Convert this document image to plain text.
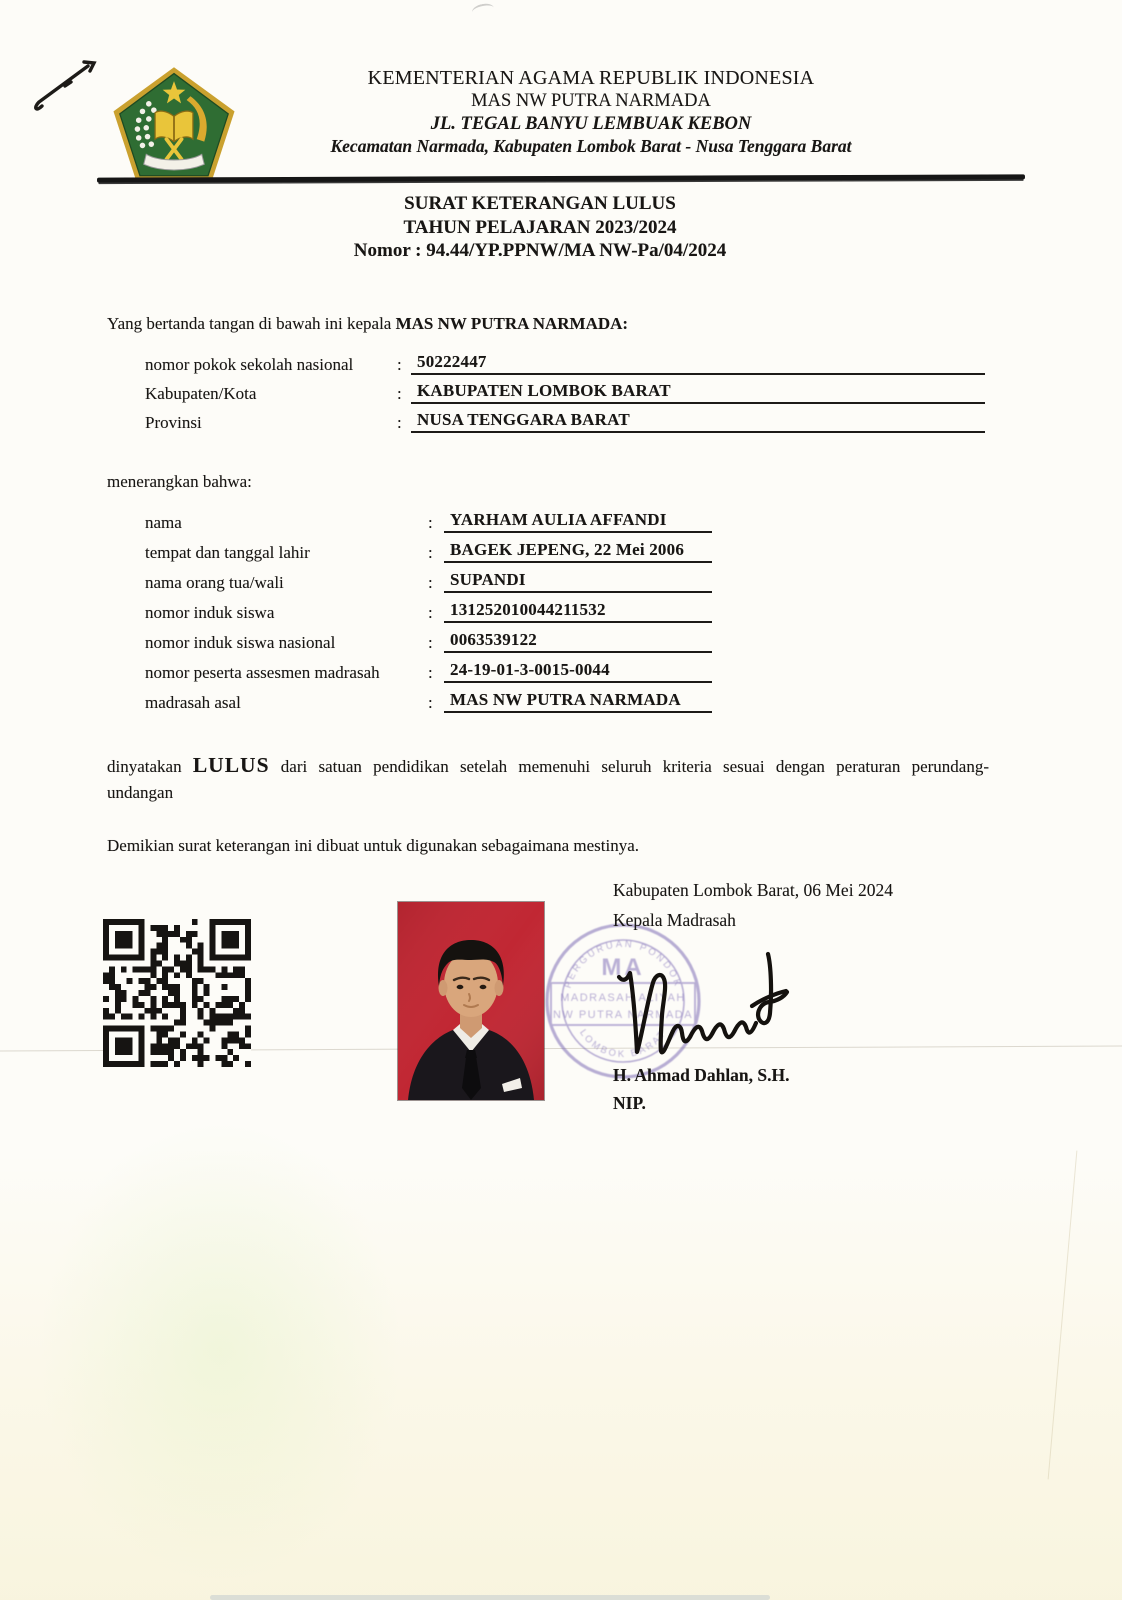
KEMENTERIAN AGAMA REPUBLIK INDONESIA
MAS NW PUTRA NARMADA
JL. TEGAL BANYU LEMBUAK KEBON
Kecamatan Narmada, Kabupaten Lombok Barat - Nusa Tenggara Barat
SURAT KETERANGAN LULUS
TAHUN PELAJARAN 2023/2024
Nomor : 94.44/YP.PPNW/MA NW-Pa/04/2024
Yang bertanda tangan di bawah ini kepala MAS NW PUTRA NARMADA:
nomor pokok sekolah nasional	: 50222447
Kabupaten/Kota	: KABUPATEN LOMBOK BARAT
Provinsi	: NUSA TENGGARA BARAT
menerangkan bahwa:
nama	:	YARHAM AULIA AFFANDI
tempat dan tanggal lahir	:	BAGEK JEPENG, 22 Mei 2006
nama orang tua/wali	:	SUPANDI
nomor induk siswa	:	131252010044211532
nomor induk siswa nasional	:	0063539122
nomor peserta assesmen madrasah	:	24-19-01-3-0015-0044
madrasah asal	:	MAS NW PUTRA NARMADA
dinyatakan LULUS dari satuan pendidikan setelah memenuhi seluruh kriteria sesuai dengan peraturan perundang-undangan
Demikian surat keterangan ini dibuat untuk digunakan sebagaimana mestinya.
MA
MADRASAH ALIYAH
NW PUTRA NARMADA
PERGURUAN PONDOK
LOMBOK BARAT
Kabupaten Lombok Barat, 06 Mei 2024
Kepala Madrasah
H. Ahmad Dahlan, S.H.
NIP.
